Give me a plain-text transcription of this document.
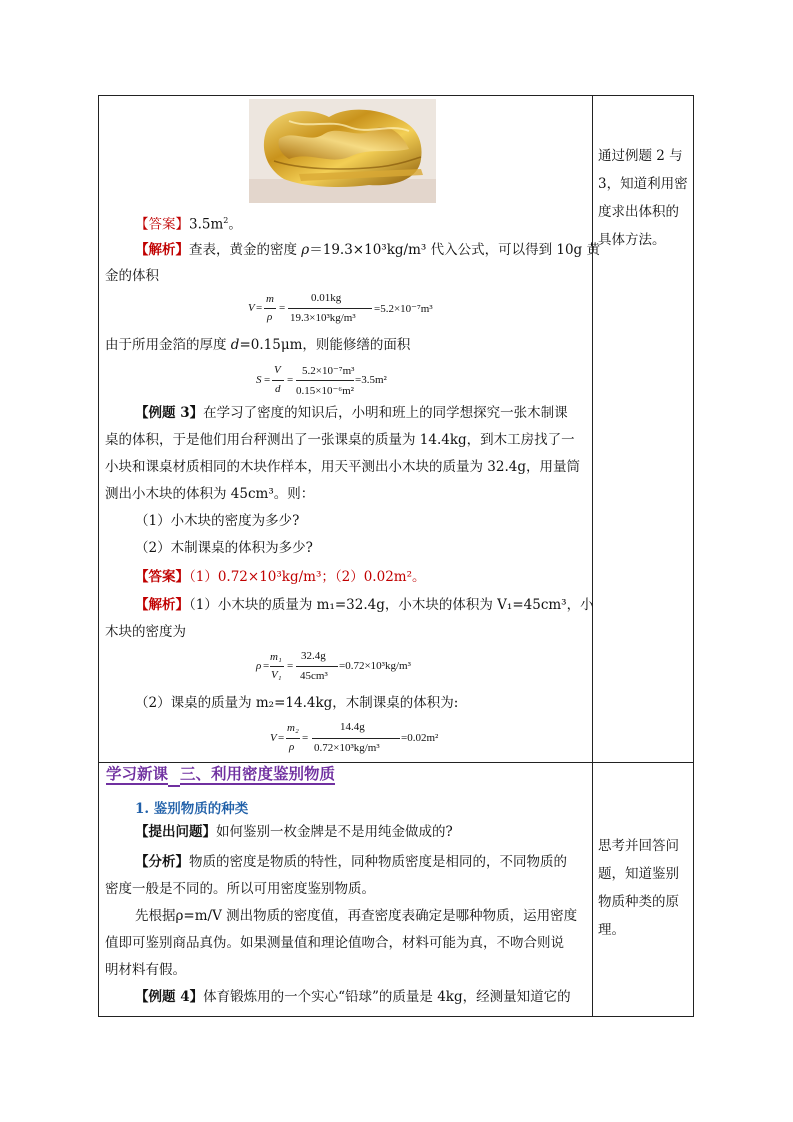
【答案】$3.5m^2$。
【解析】查表，黄金的密度 ρ＝19.3×10³kg/m³ 代入公式，可以得到 10g 黄
金的体积
V =
m
ρ
=
0.01kg
19.3×10³kg/m³
=5.2×10⁻⁷m³
由于所用金箔的厚度 d=0.15μm，则能修缮的面积
S =
V
d
=
5.2×10⁻⁷m³
0.15×10⁻⁶m²
=3.5m²
【例题 3】在学习了密度的知识后，小明和班上的同学想探究一张木制课
桌的体积，于是他们用台秤测出了一张课桌的质量为 14.4kg，到木工房找了一
小块和课桌材质相同的木块作样本，用天平测出小木块的质量为 32.4g，用量筒
测出小木块的体积为 45cm³。则：
（1）小木块的密度为多少?
（2）木制课桌的体积为多少?
【答案】（1）0.72×10³kg/m³；（2）0.02m²。
【解析】（1）小木块的质量为 m₁=32.4g，小木块的体积为 V₁=45cm³，小
木块的密度为
ρ =
m₁
V₁
=
32.4g
45cm³
=0.72×10³kg/m³
（2）课桌的质量为 m₂=14.4kg，木制课桌的体积为:
V =
m₂
ρ
=
14.4g
0.72×10³kg/m³
=0.02m²
通过例题 2 与 3，知道利用密度求出体积的具体方法。
学习新课 三、利用密度鉴别物质
1. 鉴别物质的种类
【提出问题】如何鉴别一枚金牌是不是用纯金做成的?
【分析】物质的密度是物质的特性，同种物质密度是相同的，不同物质的
密度一般是不同的。所以可用密度鉴别物质。
先根据ρ=m/V 测出物质的密度值，再查密度表确定是哪种物质，运用密度
值即可鉴别商品真伪。如果测量值和理论值吻合，材料可能为真，不吻合则说
明材料有假。
【例题 4】体育锻炼用的一个实心“铅球”的质量是 4kg，经测量知道它的
思考并回答问题，知道鉴别物质种类的原理。
